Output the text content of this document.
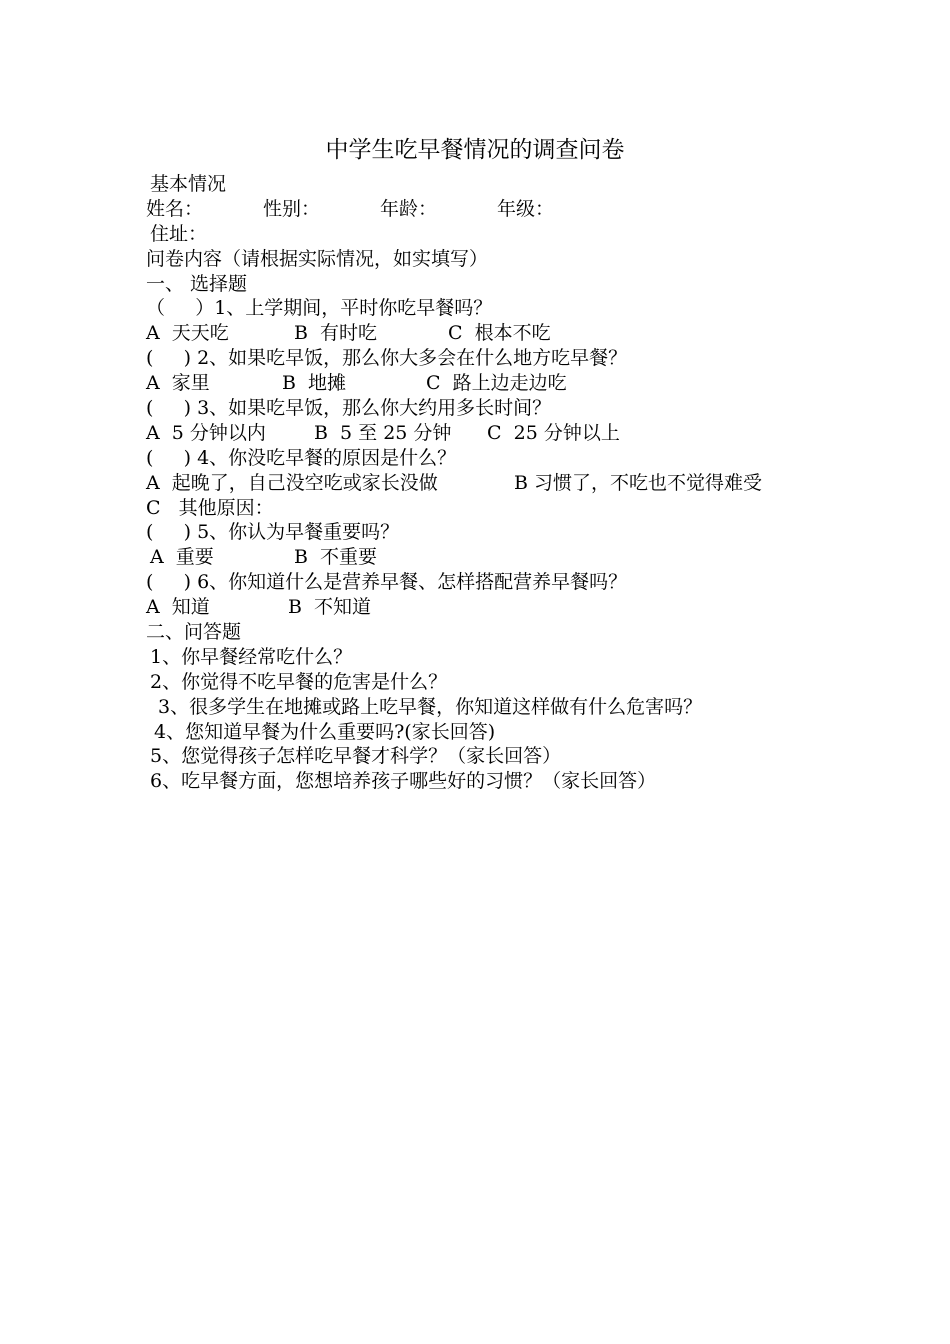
中学生吃早餐情况的调查问卷
基本情况
姓名：	性别：	年龄：	年级：
住址：
问卷内容（请根据实际情况，如实填写）
一、 选择题
（     ）1、上学期间，平时你吃早餐吗？
A  天天吃	B  有时吃	C  根本不吃
(     ) 2、如果吃早饭，那么你大多会在什么地方吃早餐？
A  家里	B  地摊	C  路上边走边吃
(     ) 3、如果吃早饭，那么你大约用多长时间？
A  5 分钟以内	B  5 至 25 分钟 C  25 分钟以上
(     ) 4、你没吃早餐的原因是什么？
A  起晚了，自己没空吃或家长没做	B 习惯了，不吃也不觉得难受
C   其他原因：
(     ) 5、你认为早餐重要吗？
A  重要	B  不重要
(     ) 6、你知道什么是营养早餐、怎样搭配营养早餐吗？
A  知道	B  不知道
二、问答题
1、你早餐经常吃什么？
2、你觉得不吃早餐的危害是什么？
3、很多学生在地摊或路上吃早餐，你知道这样做有什么危害吗？
4、您知道早餐为什么重要吗?(家长回答)
5、您觉得孩子怎样吃早餐才科学？（家长回答）
6、吃早餐方面，您想培养孩子哪些好的习惯？（家长回答）
